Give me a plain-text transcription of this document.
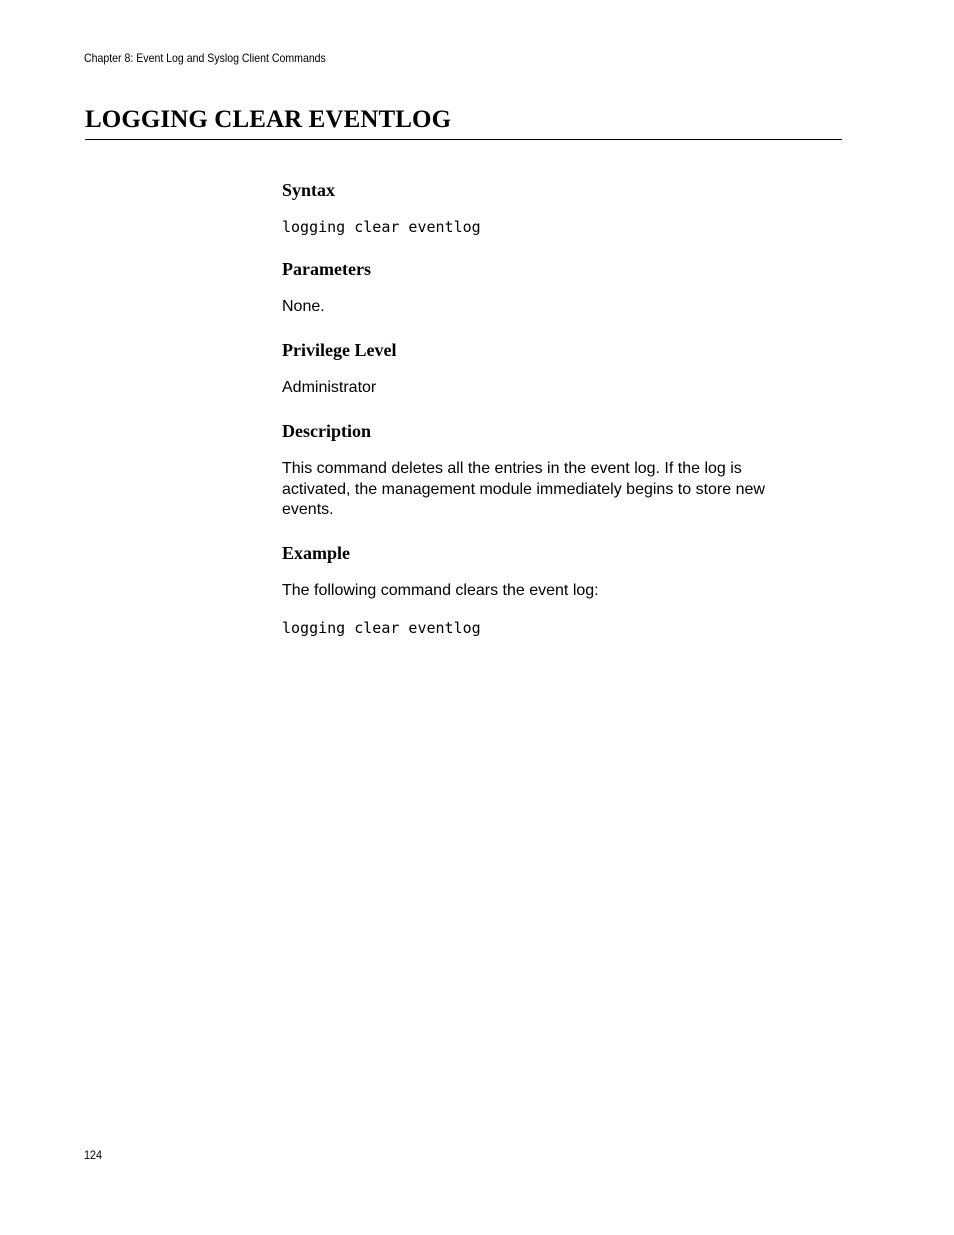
Chapter 8: Event Log and Syslog Client Commands
LOGGING CLEAR EVENTLOG
Syntax
logging clear eventlog
Parameters

None.

Privilege Level

Administrator

Description

This command deletes all the entries in the event log. If the log is activated, the management module immediately begins to store new events.

Example

The following command clears the event log:

logging clear eventlog
124
